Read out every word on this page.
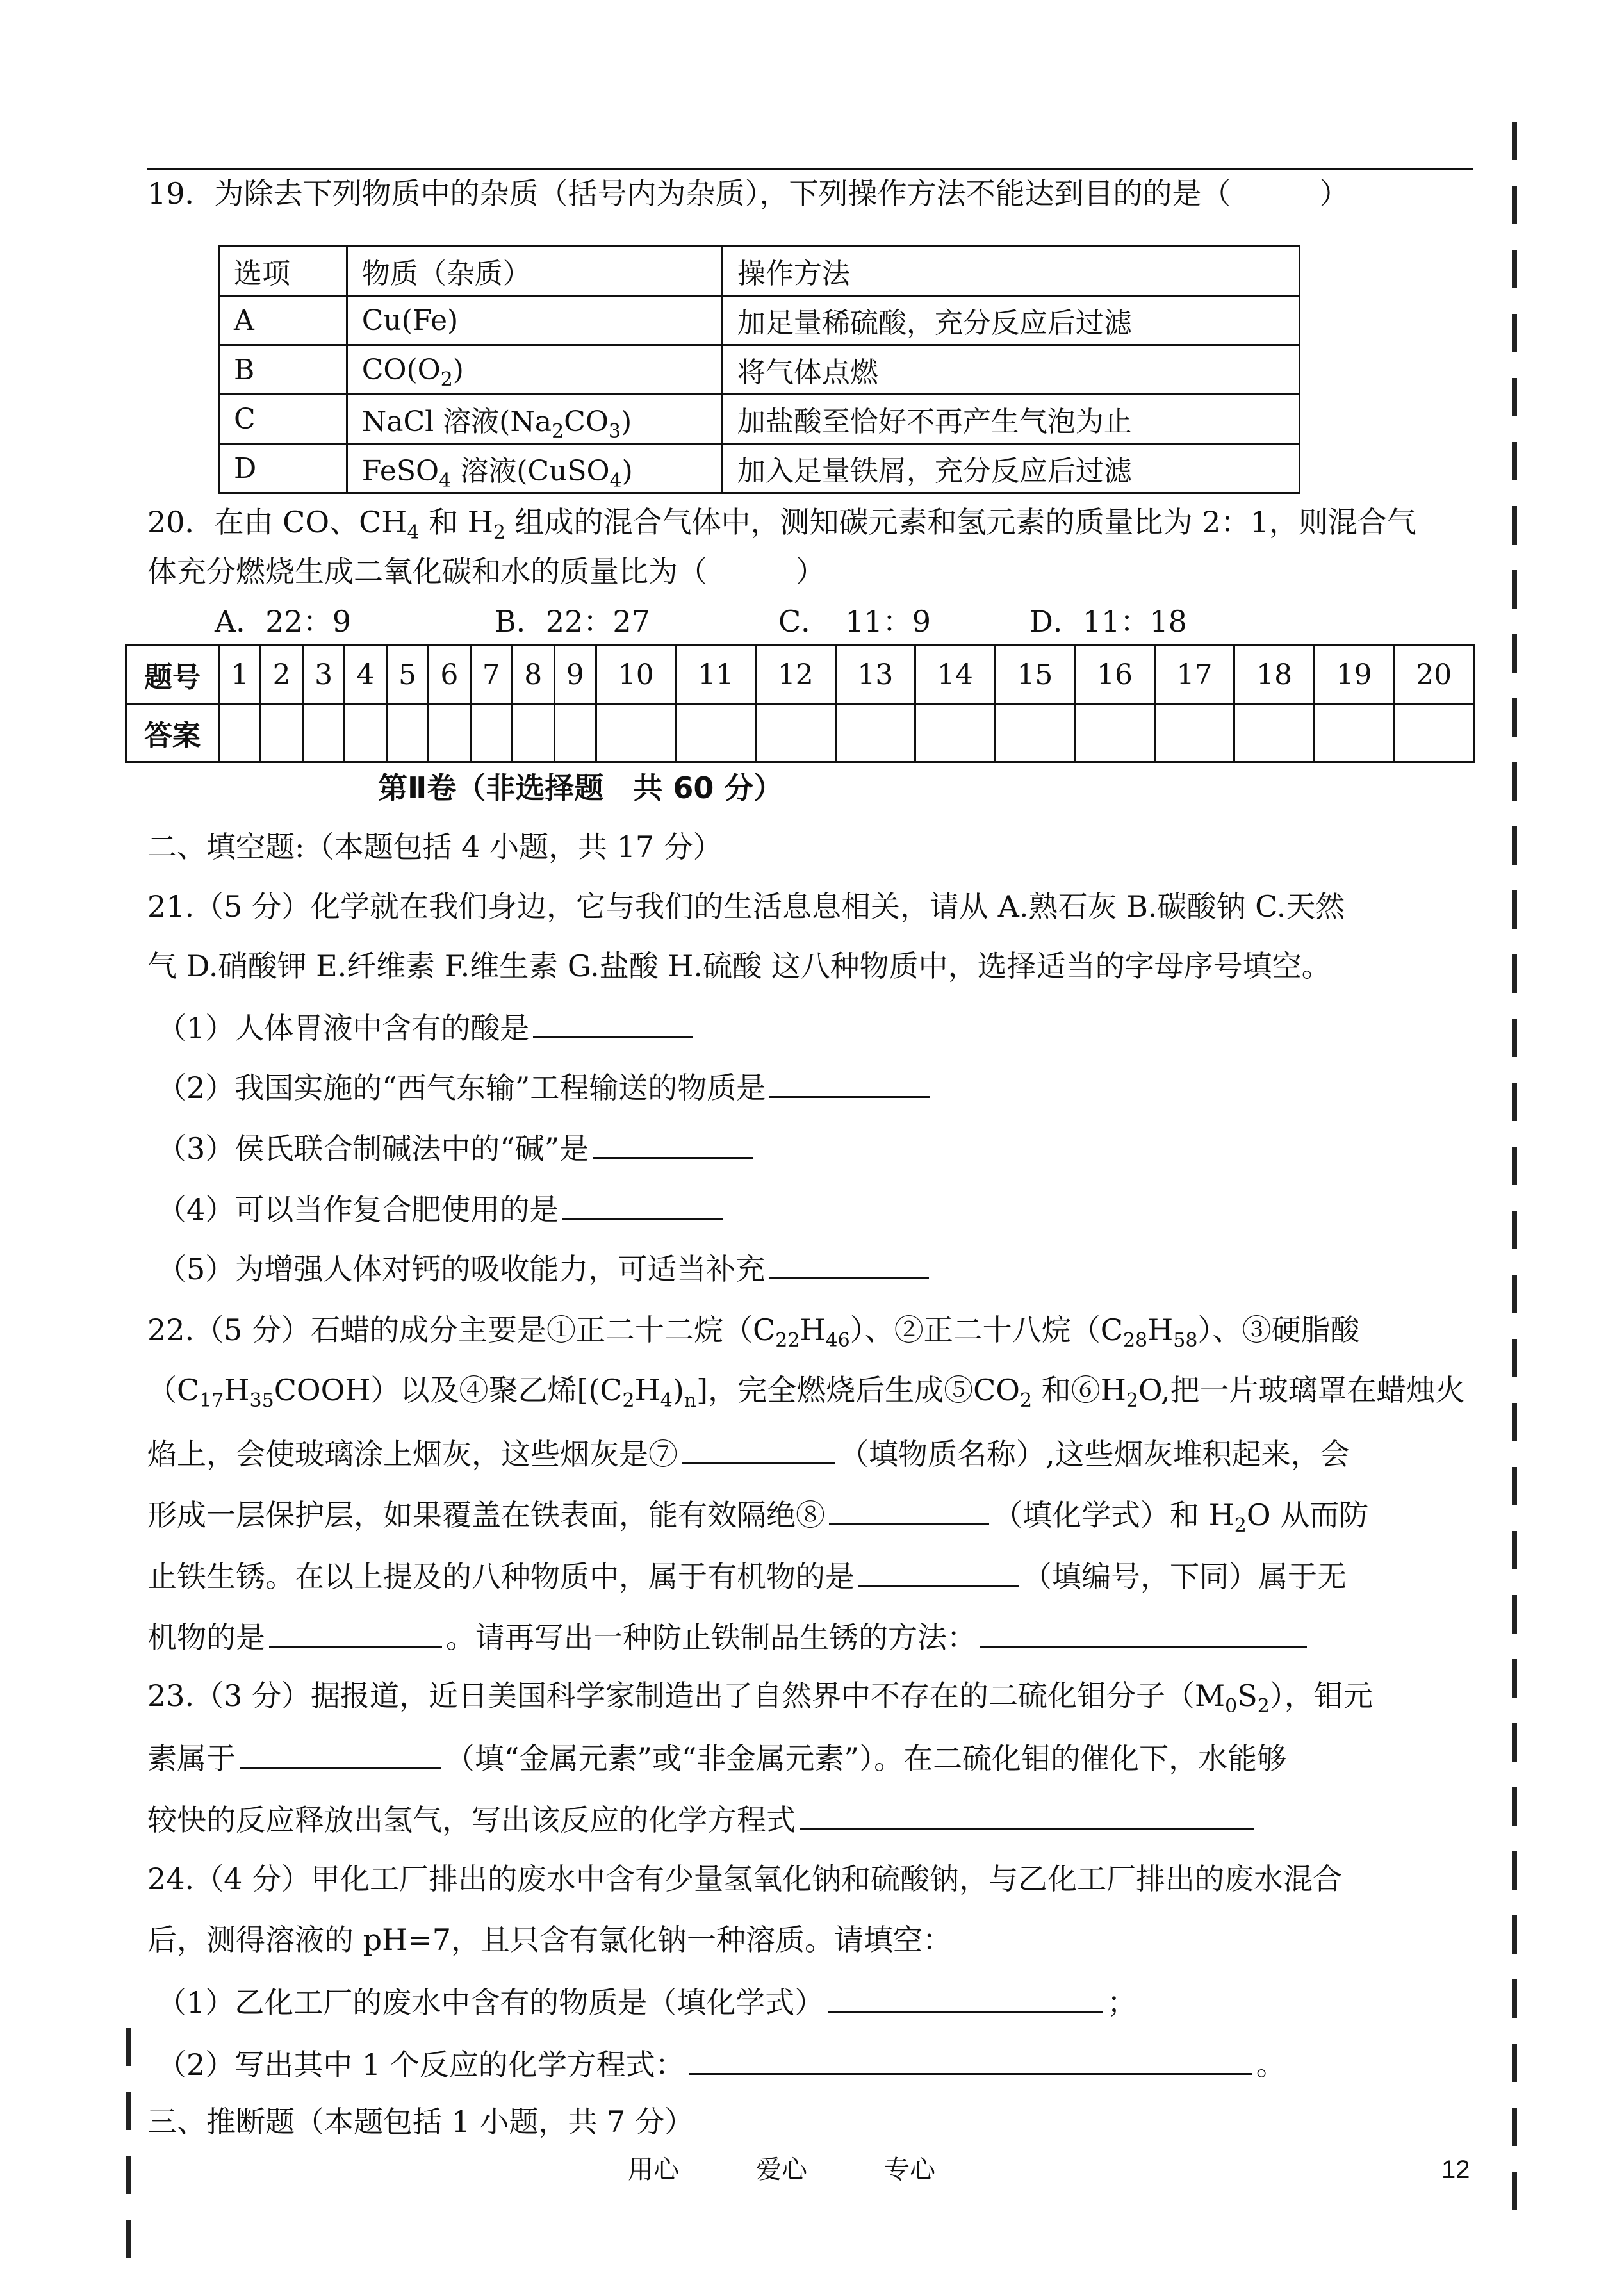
19．为除去下列物质中的杂质（括号内为杂质），下列操作方法不能达到目的的是（　　　）
选项	物质（杂质）	操作方法
A	Cu(Fe)	加足量稀硫酸，充分反应后过滤
B	$CO(O_2)$	将气体点燃
C	NaCl 溶液$(Na_2CO_3)$	加盐酸至恰好不再产生气泡为止
D	FeSO$_4$ 溶液(CuSO$_4$)	加入足量铁屑，充分反应后过滤
20．在由 CO、$CH_4$ 和 $H_2$ 组成的混合气体中，测知碳元素和氢元素的质量比为 2：1，则混合气
体充分燃烧生成二氧化碳和水的质量比为（　　　）
A．22：9	B．22：27	C．　11：9	D．11：18
题号	1	2	3	4	5	6	7	8	9	10	11	12	13	14	15	16	17	18	19	20
答案																				
第Ⅱ卷（非选择题　共 60 分）
二、填空题:（本题包括 4 小题，共 17 分）
21.（5 分）化学就在我们身边，它与我们的生活息息相关，请从 A.熟石灰 B.碳酸钠 C.天然
气 D.硝酸钾 E.纤维素 F.维生素 G.盐酸 H.硫酸 这八种物质中，选择适当的字母序号填空。
（1）人体胃液中含有的酸是
（2）我国实施的“西气东输”工程输送的物质是
（3）侯氏联合制碱法中的“碱”是
（4）可以当作复合肥使用的是
（5）为增强人体对钙的吸收能力，可适当补充
22.（5 分）石蜡的成分主要是①正二十二烷$(C_{22}H_{46})$、②正二十八烷$(C_{28}H_{58})$、③硬脂酸
$(C_{17}H_{35}COOH)$以及④聚乙烯$[(C_2H_4)_n]$，完全燃烧后生成$⑤CO_2$ 和$⑥H_2O$,把一片玻璃罩在蜡烛火
焰上，会使玻璃涂上烟灰，这些烟灰是⑦	（填物质名称）,这些烟灰堆积起来，会
形成一层保护层，如果覆盖在铁表面，能有效隔绝⑧	（填化学式）和 $H_2O$ 从而防
止铁生锈。在以上提及的八种物质中，属于有机物的是	（填编号，下同）属于无
机物的是	。请再写出一种防止铁制品生锈的方法：
23.（3 分）据报道，近日美国科学家制造出了自然界中不存在的二硫化钼分子$(M_0S_2)$，钼元
素属于	（填“金属元素”或“非金属元素”）。在二硫化钼的催化下，水能够
较快的反应释放出氢气，写出该反应的化学方程式
24.（4 分）甲化工厂排出的废水中含有少量氢氧化钠和硫酸钠，与乙化工厂排出的废水混合
后，测得溶液的 pH=7，且只含有氯化钠一种溶质。请填空：
（1）乙化工厂的废水中含有的物质是（填化学式）	；
（2）写出其中 1 个反应的化学方程式：	。
三、推断题（本题包括 1 小题，共 7 分）
用心	爱心	专心	12
